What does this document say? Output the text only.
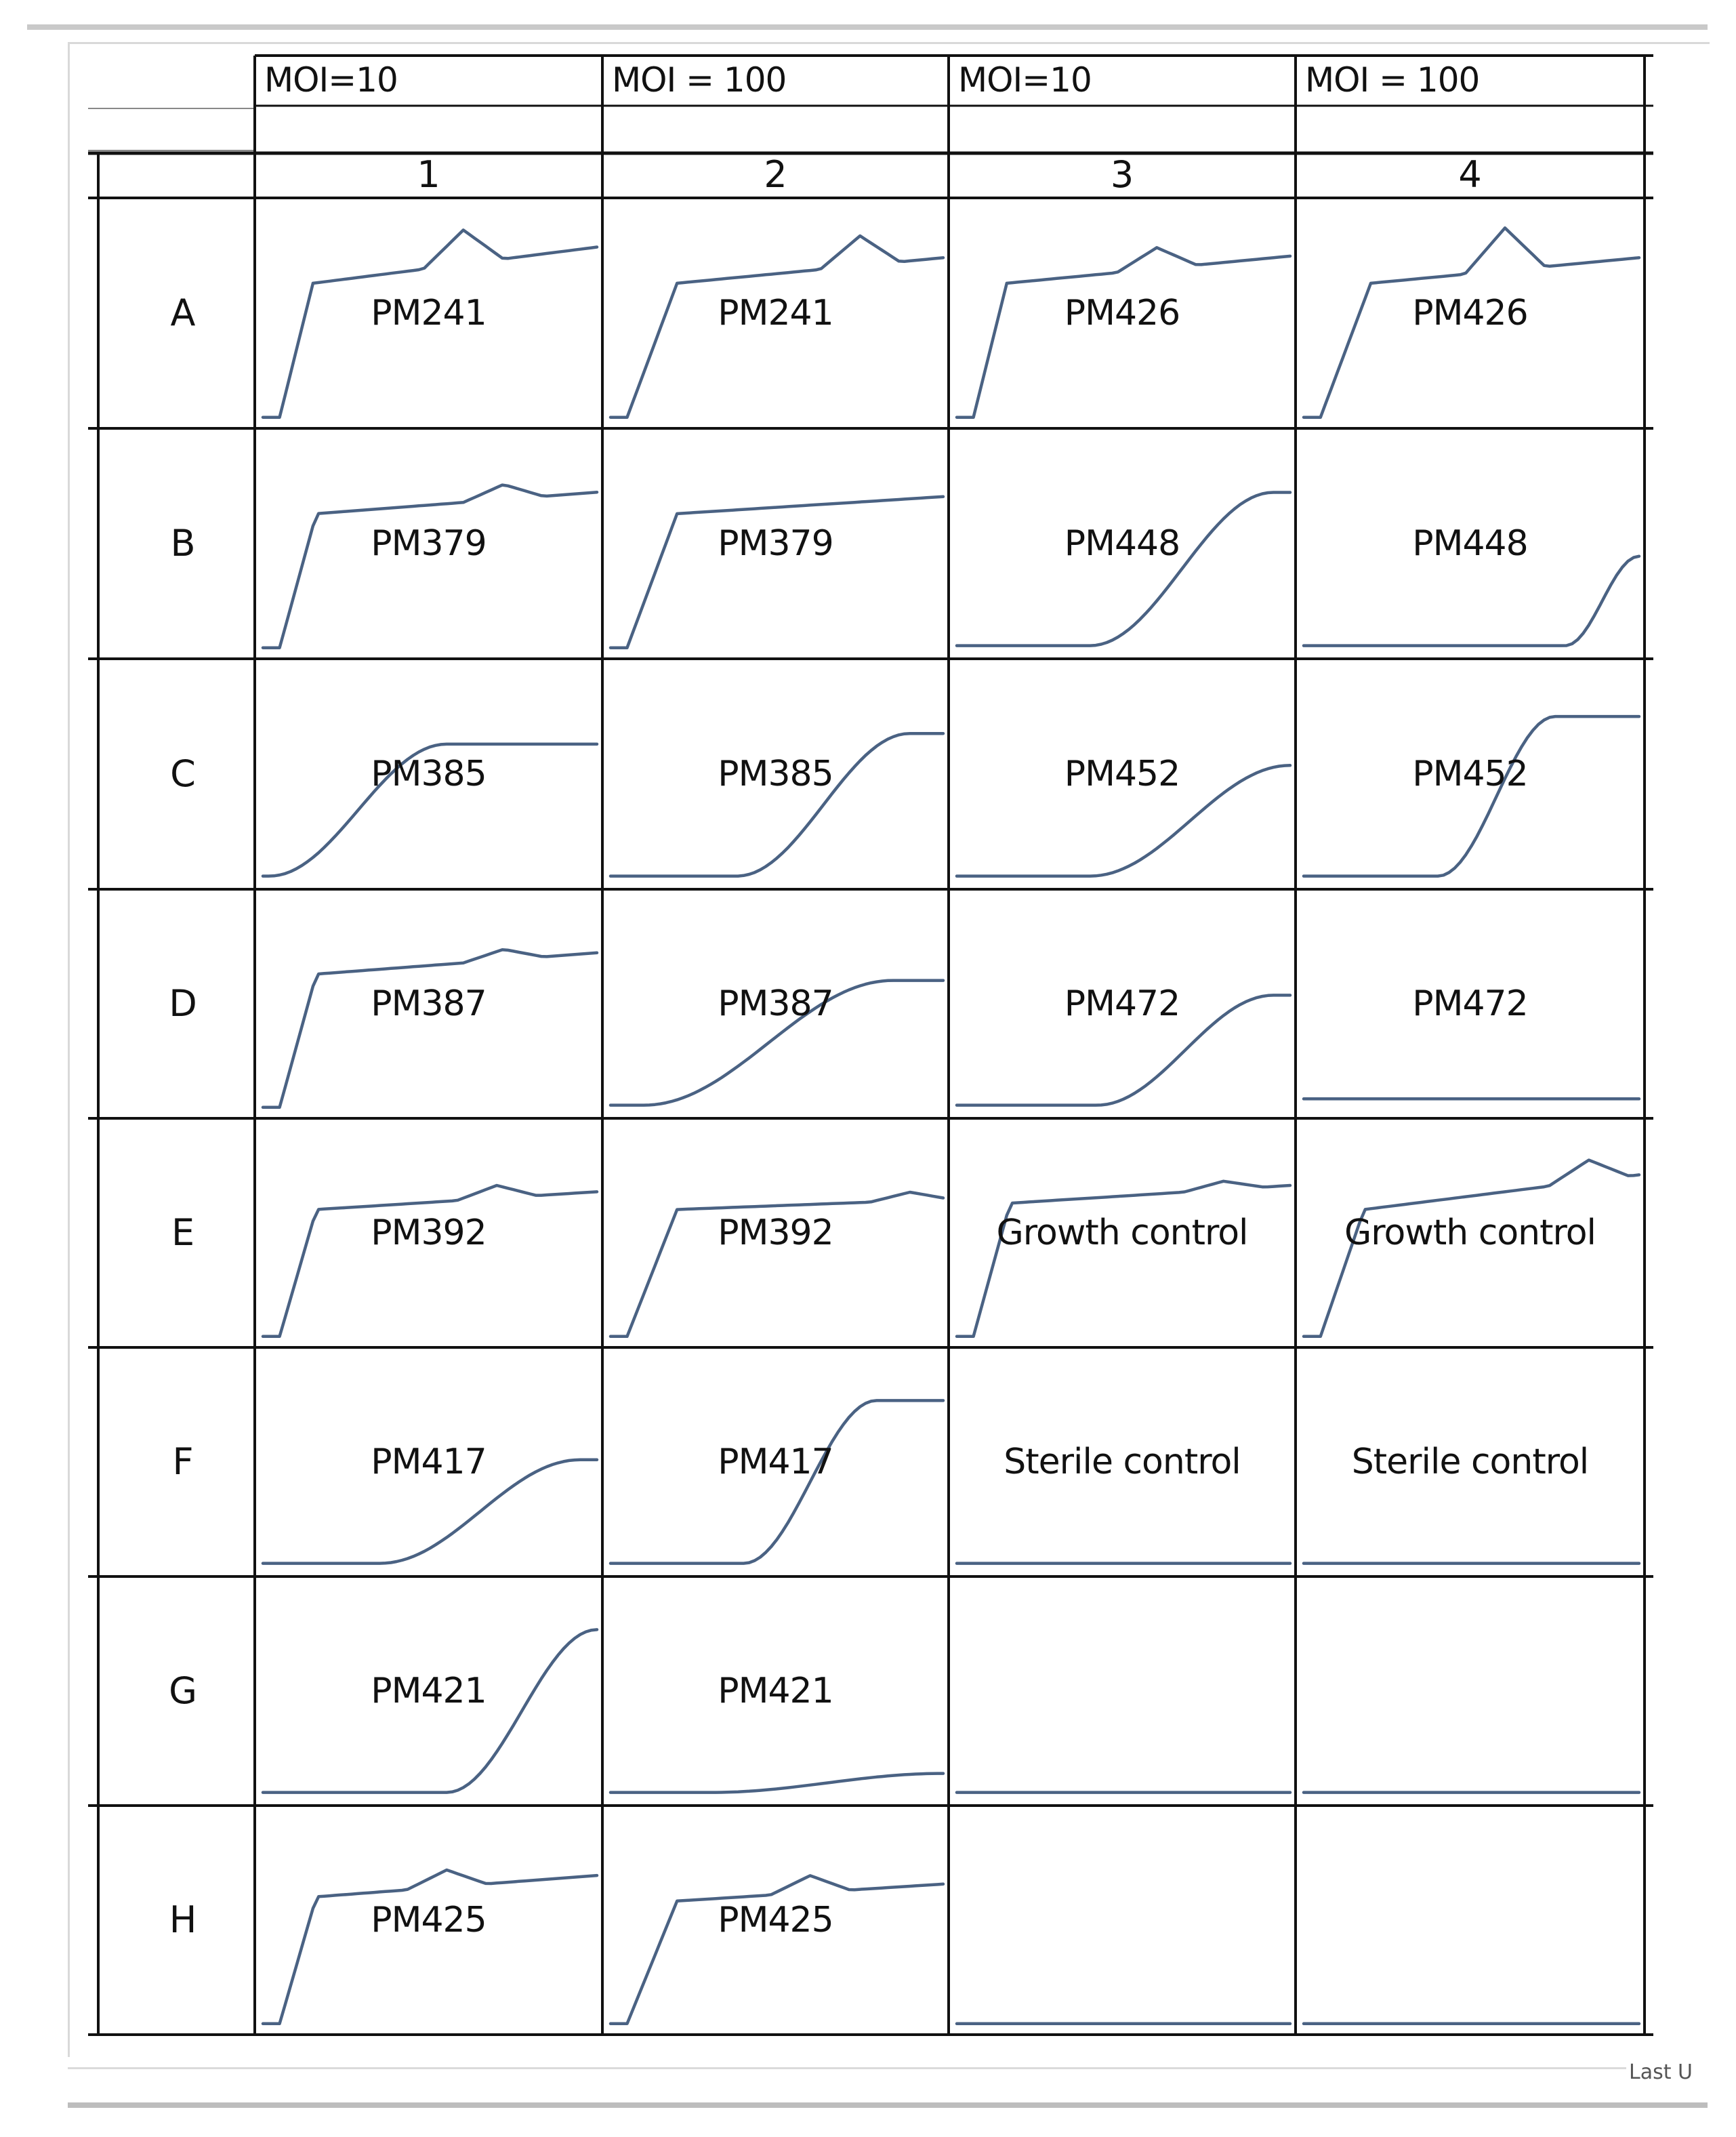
MOI=10	MOI = 100	MOI=10	MOI = 100
1	2	3	4
A	PM241	PM241	PM426	PM426
B	PM379	PM379	PM448	PM448
C	PM385	PM385	PM452	PM452
D	PM387	PM387	PM472	PM472
E	PM392	PM392	Growth control	Growth control
F	PM417	PM417	Sterile control	Sterile control
G	PM421	PM421
H	PM425	PM425
Last U
